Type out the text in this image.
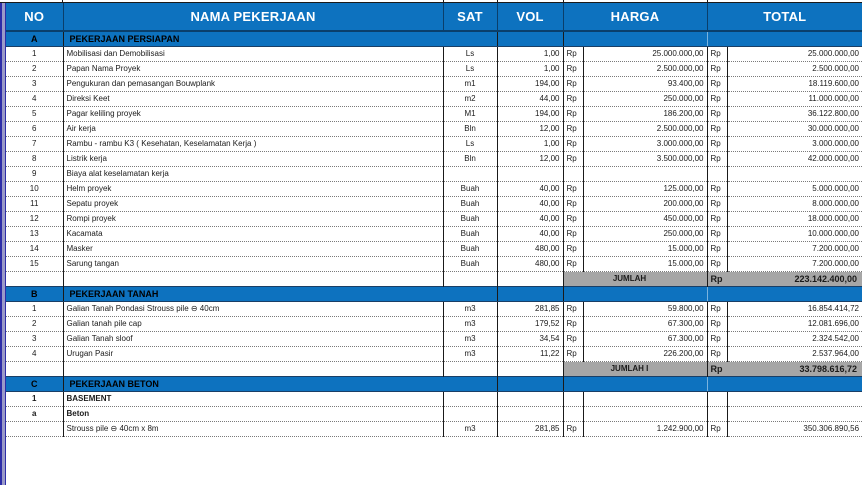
NO	NAMA PEKERJAAN	SAT	VOL	HARGA		TOTAL	
A	PEKERJAAN PERSIAPAN						
1	Mobilisasi dan Demobilisasi	Ls	1,00	Rp	25.000.000,00	Rp	25.000.000,00
2	Papan Nama Proyek	Ls	1,00	Rp	2.500.000,00	Rp	2.500.000,00
3	Pengukuran dan pemasangan Bouwplank	m1	194,00	Rp	93.400,00	Rp	18.119.600,00
4	Direksi Keet	m2	44,00	Rp	250.000,00	Rp	11.000.000,00
5	Pagar keliling proyek	M1	194,00	Rp	186.200,00	Rp	36.122.800,00
6	Air kerja	Bln	12,00	Rp	2.500.000,00	Rp	30.000.000,00
7	Rambu - rambu K3 ( Kesehatan, Keselamatan Kerja )	Ls	1,00	Rp	3.000.000,00	Rp	3.000.000,00
8	Listrik kerja	Bln	12,00	Rp	3.500.000,00	Rp	42.000.000,00
9	Biaya alat keselamatan kerja						
10	Helm proyek	Buah	40,00	Rp	125.000,00	Rp	5.000.000,00
11	Sepatu proyek	Buah	40,00	Rp	200.000,00	Rp	8.000.000,00
12	Rompi proyek	Buah	40,00	Rp	450.000,00	Rp	18.000.000,00
13	Kacamata	Buah	40,00	Rp	250.000,00	Rp	10.000.000,00
14	Masker	Buah	480,00	Rp	15.000,00	Rp	7.200.000,00
15	Sarung tangan	Buah	480,00	Rp	15.000,00	Rp	7.200.000,00
				JUMLAH		Rp	223.142.400,00
B	PEKERJAAN TANAH						
1	Galian Tanah Pondasi Strouss pile ⊖ 40cm	m3	281,85	Rp	59.800,00	Rp	16.854.414,72
2	Galian tanah pile cap	m3	179,52	Rp	67.300,00	Rp	12.081.696,00
3	Galian Tanah sloof	m3	34,54	Rp	67.300,00	Rp	2.324.542,00
4	Urugan Pasir	m3	11,22	Rp	226.200,00	Rp	2.537.964,00
				JUMLAH I		Rp	33.798.616,72
C	PEKERJAAN BETON						
1	BASEMENT						
a	Beton						
	Strouss pile ⊖ 40cm x 8m	m3	281,85	Rp	1.242.900,00	Rp	350.306.890,56
